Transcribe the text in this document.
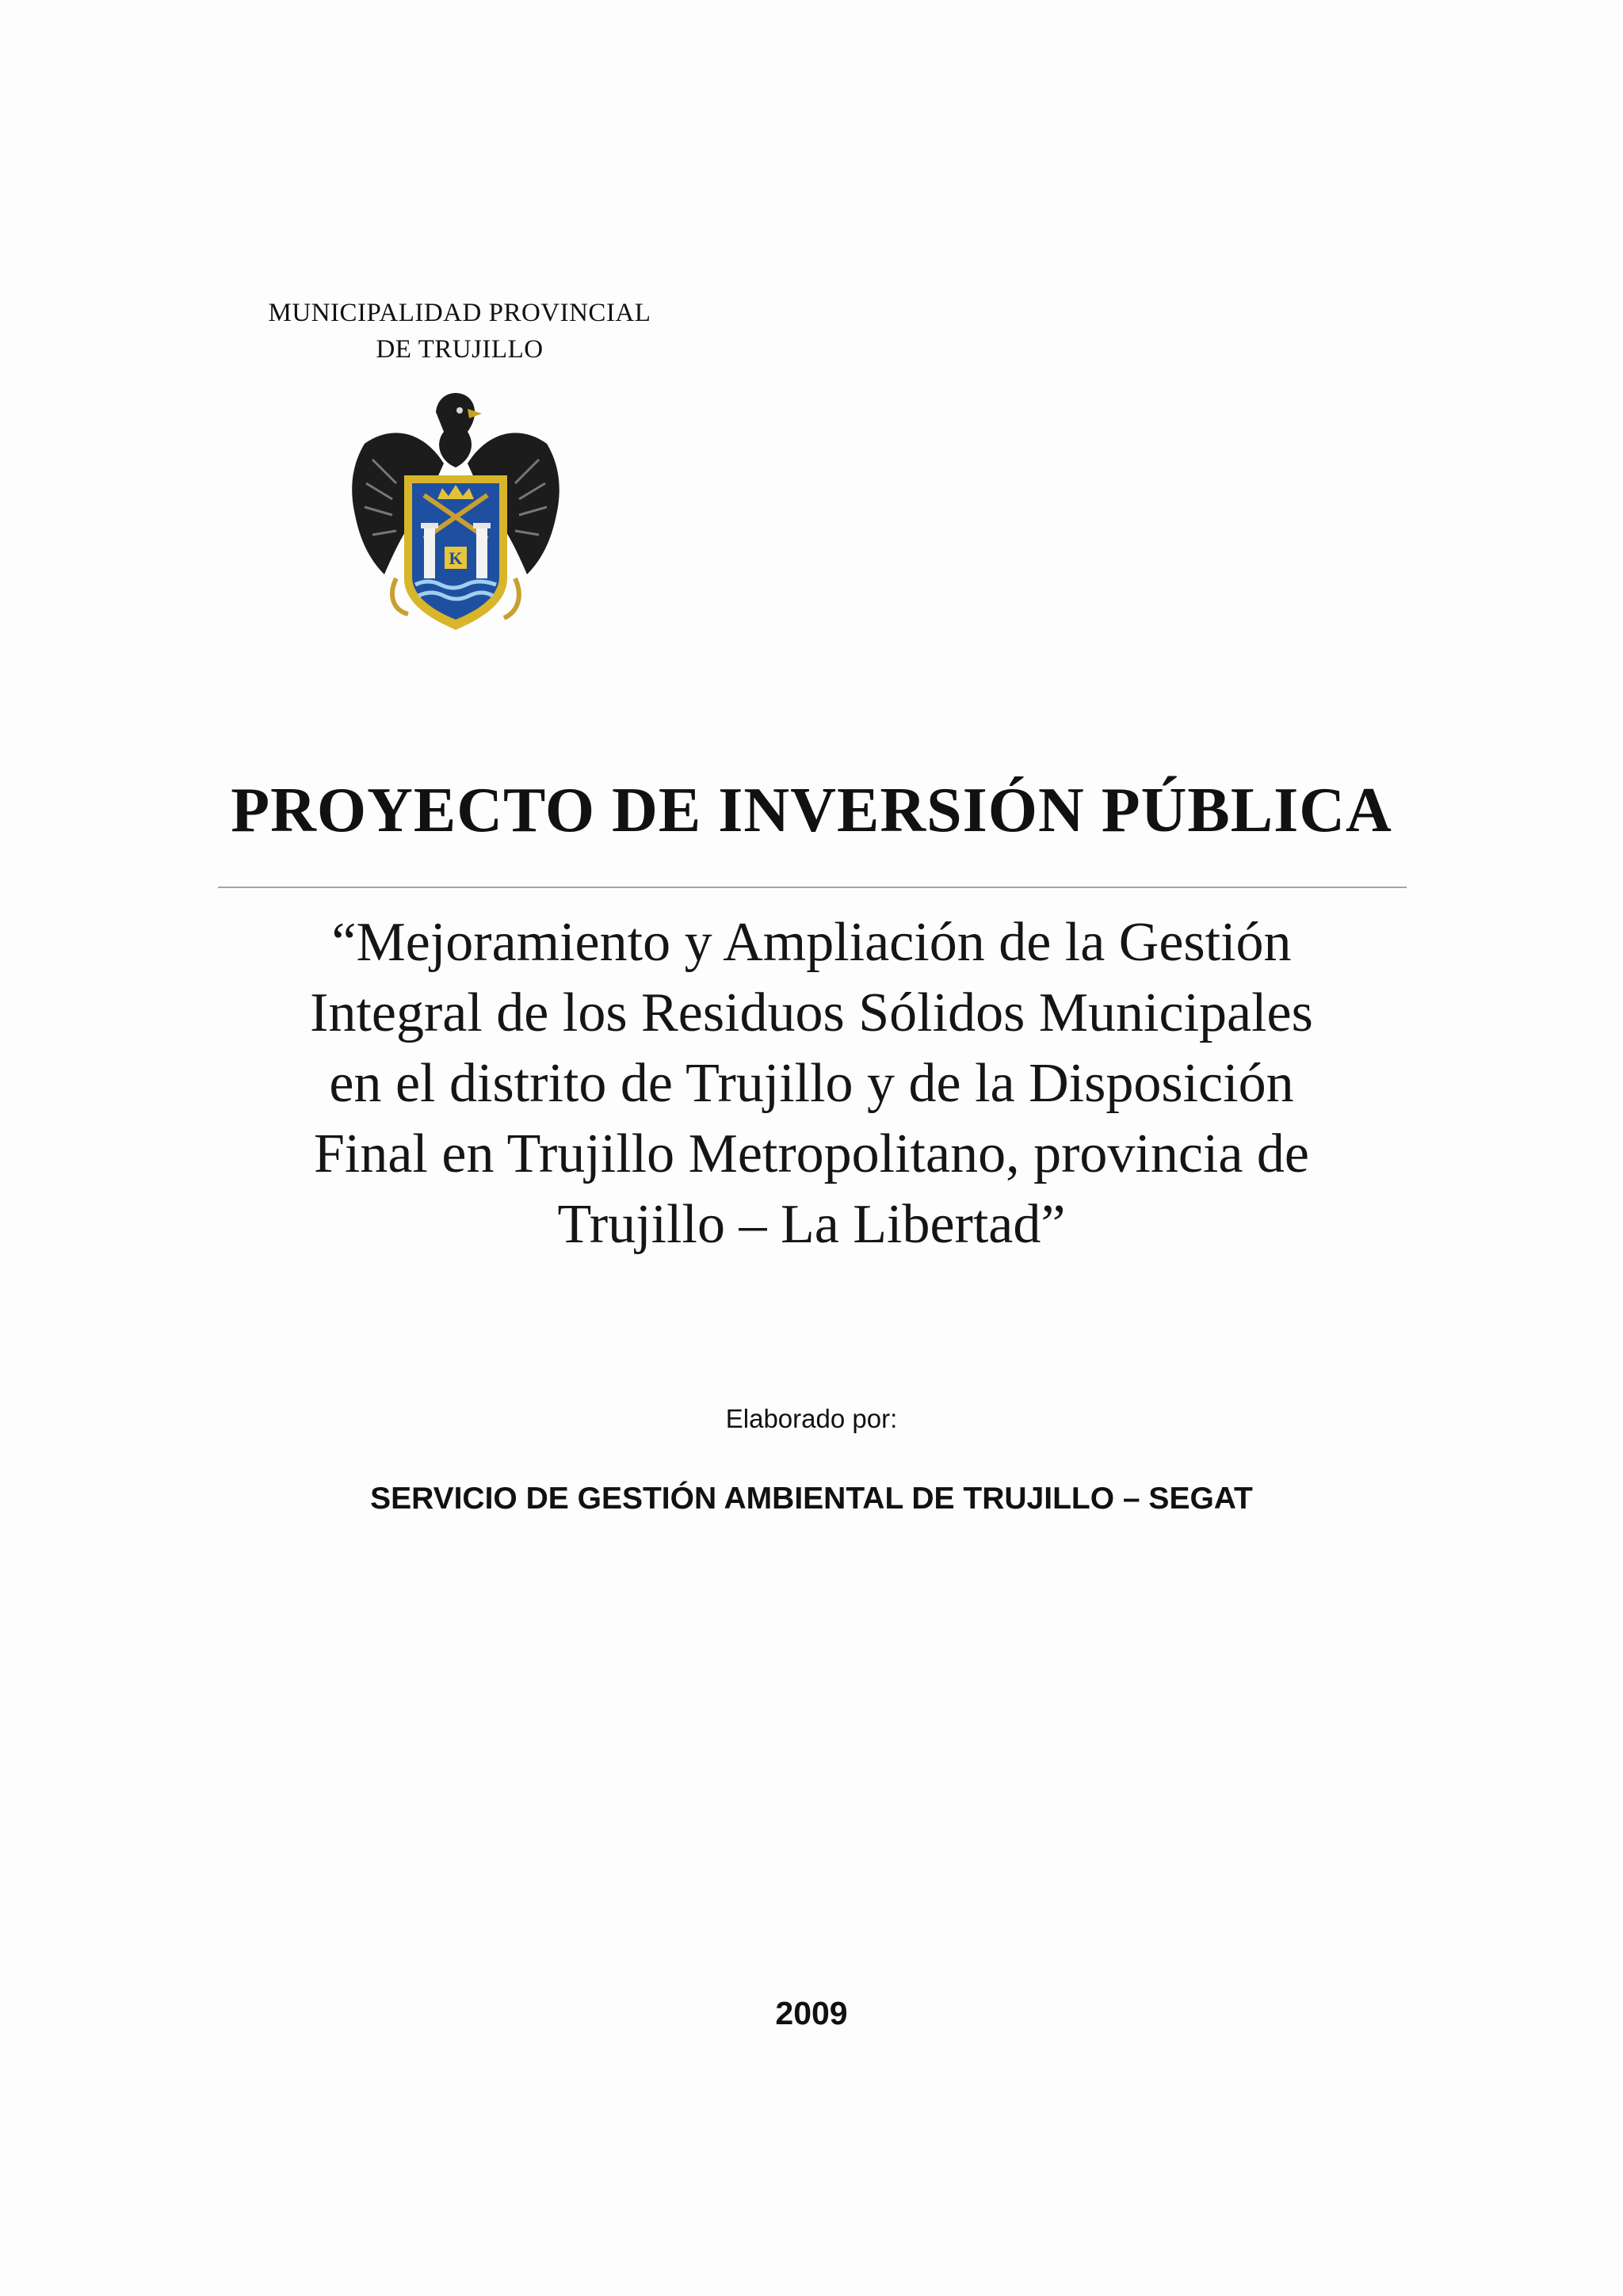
MUNICIPALIDAD PROVINCIAL
DE TRUJILLO
K
PROYECTO DE INVERSIÓN PÚBLICA
“Mejoramiento y Ampliación de la Gestión
Integral de los Residuos Sólidos Municipales
en el distrito de Trujillo y de la Disposición
Final en Trujillo Metropolitano, provincia de
Trujillo – La Libertad”
Elaborado por:
SERVICIO DE GESTIÓN AMBIENTAL DE TRUJILLO – SEGAT
2009
